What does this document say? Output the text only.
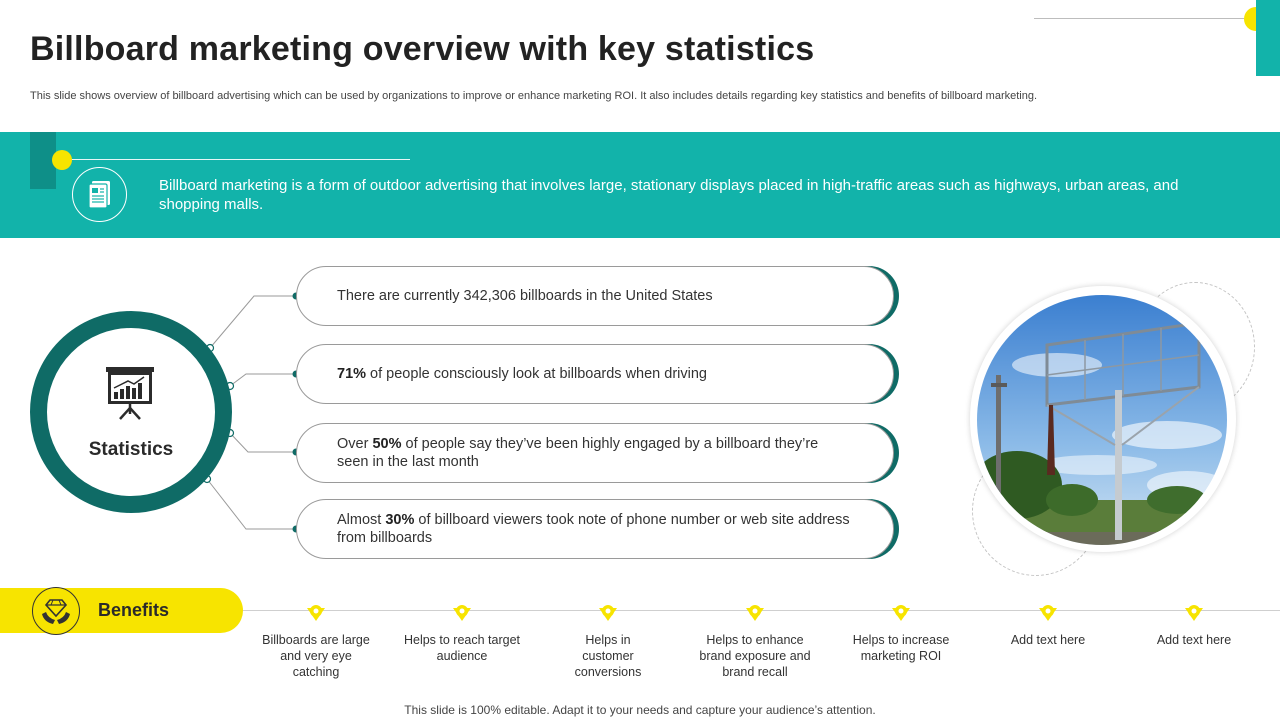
Billboard marketing overview with key statistics

This slide shows overview of billboard advertising which can be used by organizations to improve or enhance marketing ROI. It also includes details regarding key statistics and benefits of billboard marketing.

Billboard marketing is a form of outdoor advertising that involves large, stationary displays placed in high-traffic areas such as highways, urban areas, and shopping malls.

Statistics
There are currently 342,306 billboards in the United States
71% of people consciously look at billboards when driving
Over 50% of people say they’ve been highly engaged by a billboard they’re seen in the last month
Almost 30% of billboard viewers took note of phone number or web site address from billboards
Benefits
Billboards are large and very eye catching
Helps to reach target audience
Helps in customer conversions
Helps to enhance brand exposure and brand recall
Helps to increase marketing ROI
Add text here	Add text here
This slide is 100% editable. Adapt it to your needs and capture your audience’s attention.
